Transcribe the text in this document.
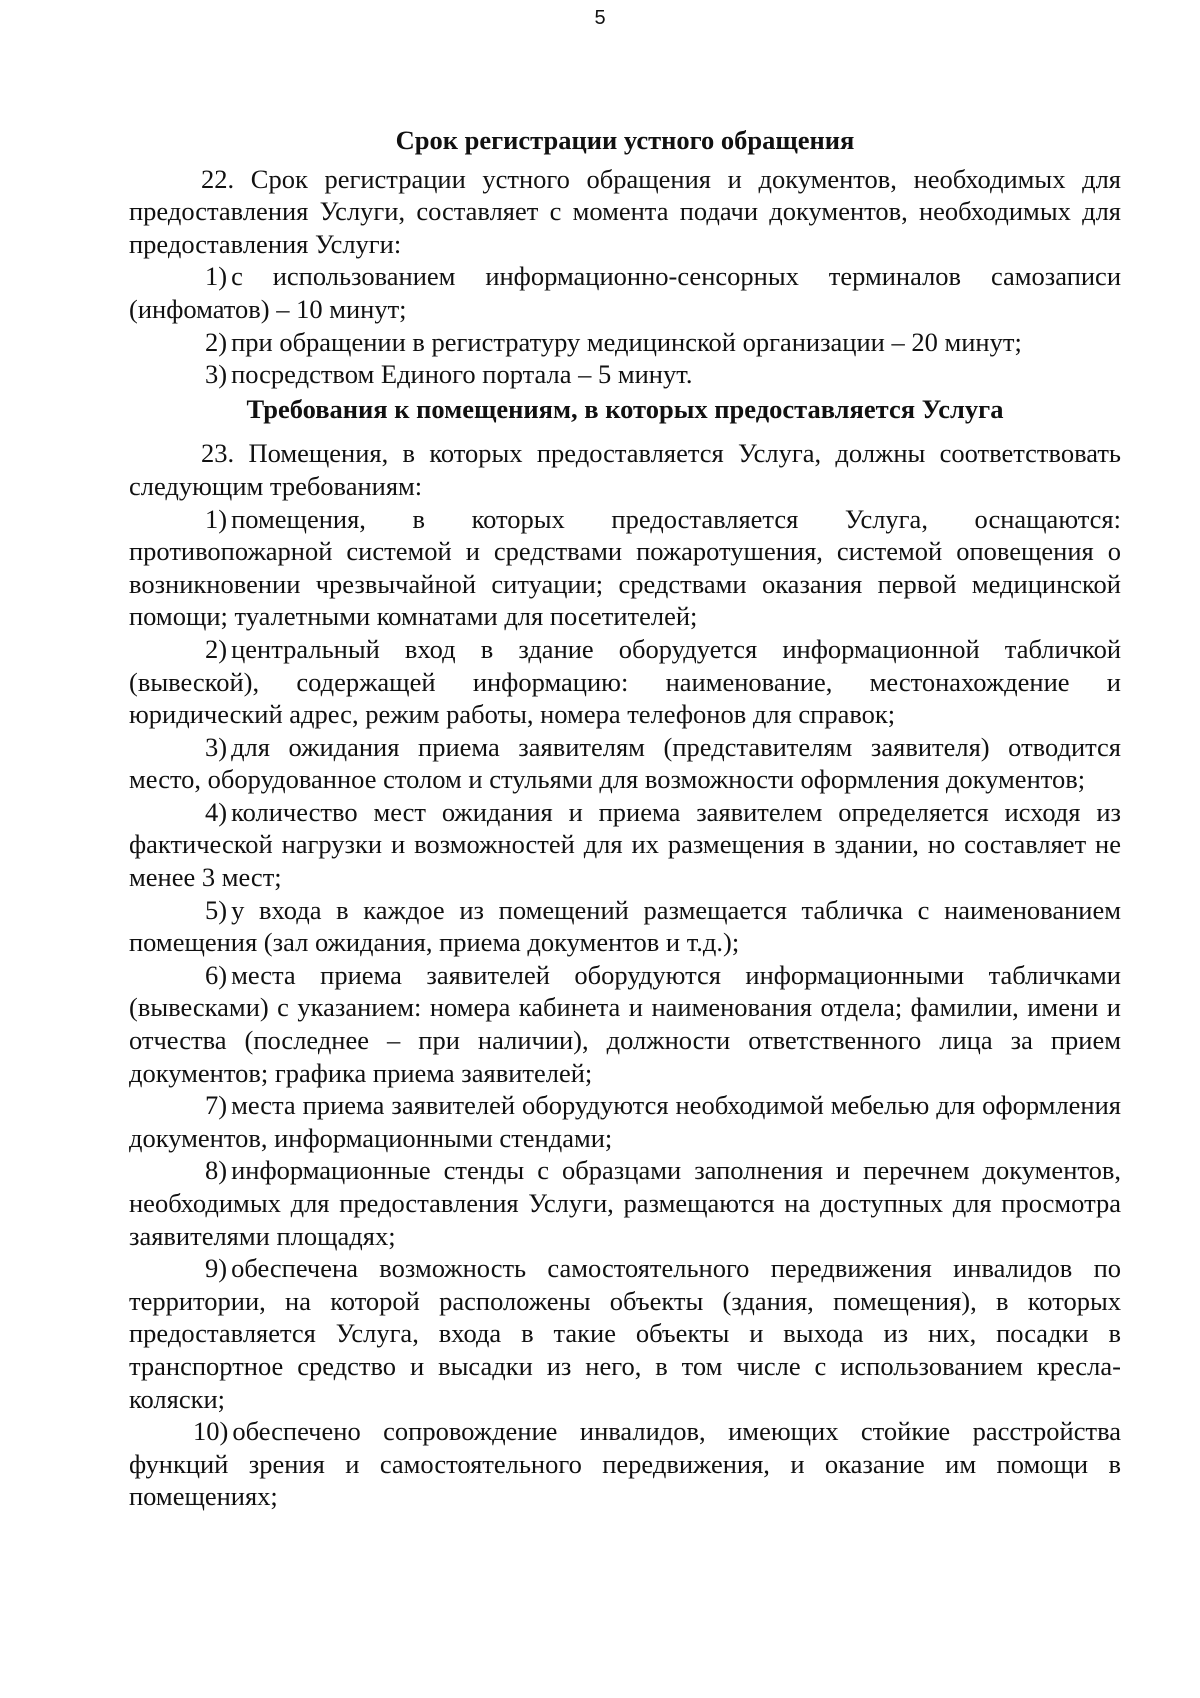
5

Срок регистрации устного обращения

22. Срок регистрации устного обращения и документов, необходимых для предоставления Услуги, составляет с момента подачи документов, необходимых для предоставления Услуги:

1) с использованием информационно-сенсорных терминалов самозаписи (инфоматов) – 10 минут;

2) при обращении в регистратуру медицинской организации – 20 минут;

3) посредством Единого портала – 5 минут.

Требования к помещениям, в которых предоставляется Услуга

23. Помещения, в которых предоставляется Услуга, должны соответствовать следующим требованиям:

1) помещения, в которых предоставляется Услуга, оснащаются: противопожарной системой и средствами пожаротушения, системой оповещения о возникновении чрезвычайной ситуации; средствами оказания первой медицинской помощи; туалетными комнатами для посетителей;

2) центральный вход в здание оборудуется информационной табличкой (вывеской), содержащей информацию: наименование, местонахождение и юридический адрес, режим работы, номера телефонов для справок;

3) для ожидания приема заявителям (представителям заявителя) отводится место, оборудованное столом и стульями для возможности оформления документов;

4) количество мест ожидания и приема заявителем определяется исходя из фактической нагрузки и возможностей для их размещения в здании, но составляет не менее 3 мест;

5) у входа в каждое из помещений размещается табличка с наименованием помещения (зал ожидания, приема документов и т.д.);

6) места приема заявителей оборудуются информационными табличками (вывесками) с указанием: номера кабинета и наименования отдела; фамилии, имени и отчества (последнее – при наличии), должности ответственного лица за прием документов; графика приема заявителей;

7) места приема заявителей оборудуются необходимой мебелью для оформления документов, информационными стендами;

8) информационные стенды с образцами заполнения и перечнем документов, необходимых для предоставления Услуги, размещаются на доступных для просмотра заявителями площадях;

9) обеспечена возможность самостоятельного передвижения инвалидов по территории, на которой расположены объекты (здания, помещения), в которых предоставляется Услуга, входа в такие объекты и выхода из них, посадки в транспортное средство и высадки из него, в том числе с использованием кресла-коляски;

10) обеспечено сопровождение инвалидов, имеющих стойкие расстройства функций зрения и самостоятельного передвижения, и оказание им помощи в помещениях;
